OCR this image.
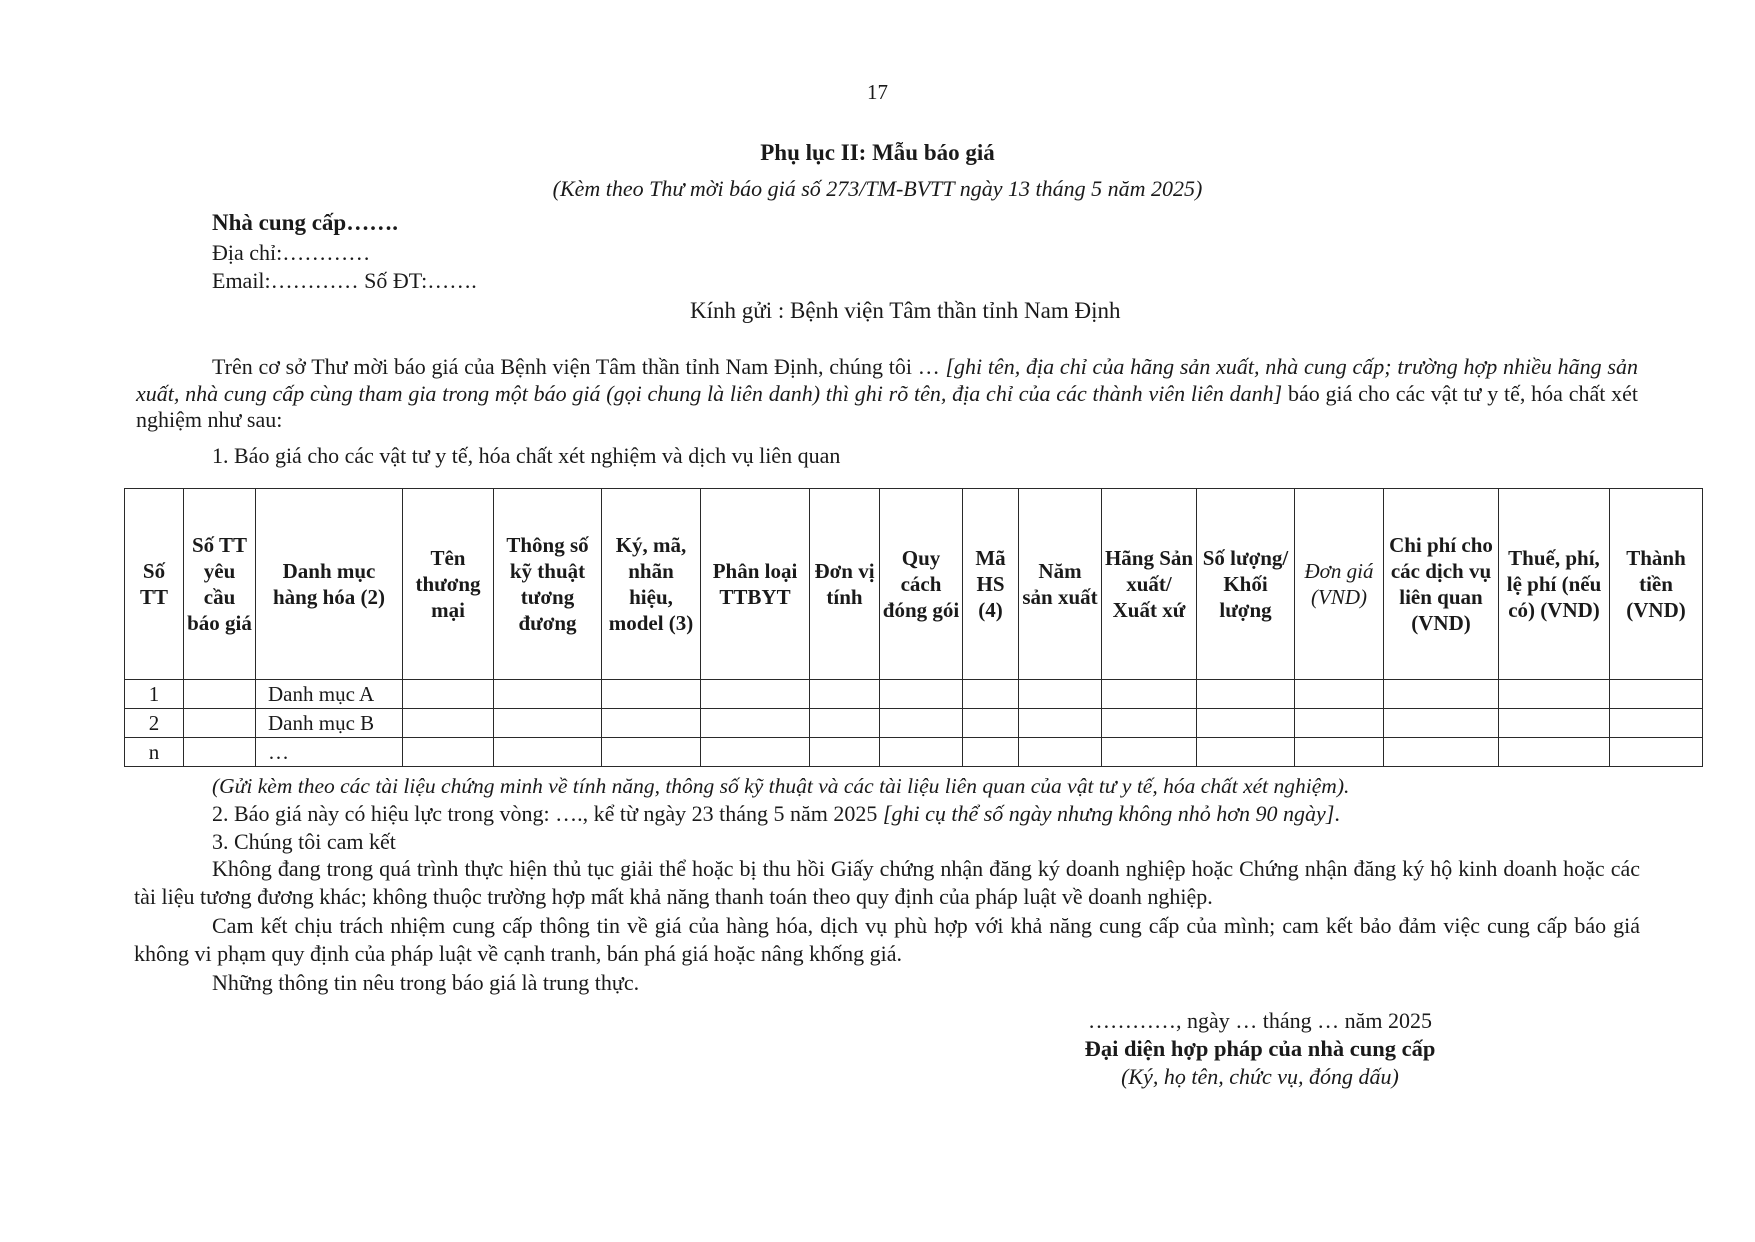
17
Phụ lục II: Mẫu báo giá
(Kèm theo Thư mời báo giá số 273/TM-BVTT ngày 13 tháng 5 năm 2025)
Nhà cung cấp…….
Địa chỉ:…………
Email:………… Số ĐT:…….
Kính gửi : Bệnh viện Tâm thần tỉnh Nam Định
Trên cơ sở Thư mời báo giá của Bệnh viện Tâm thần tỉnh Nam Định, chúng tôi … [ghi tên, địa chỉ của hãng sản xuất, nhà cung cấp; trường hợp nhiều hãng sản xuất, nhà cung cấp cùng tham gia trong một báo giá (gọi chung là liên danh) thì ghi rõ tên, địa chỉ của các thành viên liên danh] báo giá cho các vật tư y tế, hóa chất xét nghiệm như sau:
1. Báo giá cho các vật tư y tế, hóa chất xét nghiệm và dịch vụ liên quan
Số TT	Số TT yêu cầu báo giá	Danh mục hàng hóa (2)	Tên thương mại	Thông số kỹ thuật tương đương	Ký, mã, nhãn hiệu, model (3)	Phân loại TTBYT	Đơn vị tính	Quy cách đóng gói	Mã HS (4)	Năm sản xuất	Hãng Sản xuất/ Xuất xứ	Số lượng/ Khối lượng	Đơn giá (VND)	Chi phí cho các dịch vụ liên quan (VND)	Thuế, phí, lệ phí (nếu có) (VND)	Thành tiền (VND)
1		Danh mục A														
2		Danh mục B														
n		…														
(Gửi kèm theo các tài liệu chứng minh về tính năng, thông số kỹ thuật và các tài liệu liên quan của vật tư y tế, hóa chất xét nghiệm).
2. Báo giá này có hiệu lực trong vòng: …., kể từ ngày 23 tháng 5 năm 2025 [ghi cụ thể số ngày nhưng không nhỏ hơn 90 ngày].
3. Chúng tôi cam kết
Không đang trong quá trình thực hiện thủ tục giải thể hoặc bị thu hồi Giấy chứng nhận đăng ký doanh nghiệp hoặc Chứng nhận đăng ký hộ kinh doanh hoặc các tài liệu tương đương khác; không thuộc trường hợp mất khả năng thanh toán theo quy định của pháp luật về doanh nghiệp.
Cam kết chịu trách nhiệm cung cấp thông tin về giá của hàng hóa, dịch vụ phù hợp với khả năng cung cấp của mình; cam kết bảo đảm việc cung cấp báo giá không vi phạm quy định của pháp luật về cạnh tranh, bán phá giá hoặc nâng khống giá.
Những thông tin nêu trong báo giá là trung thực.
…………, ngày … tháng … năm 2025
Đại diện hợp pháp của nhà cung cấp
(Ký, họ tên, chức vụ, đóng dấu)
